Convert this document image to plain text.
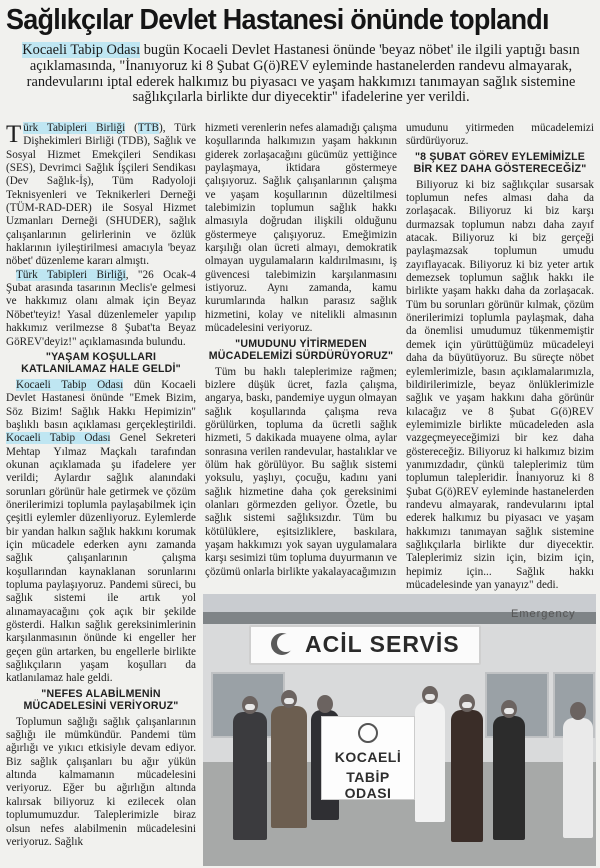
Sağlıkçılar Devlet Hastanesi önünde toplandı
Kocaeli Tabip Odası bugün Kocaeli Devlet Hastanesi önünde 'beyaz nöbet' ile ilgili yaptığı basın açıklamasında, "İnanıyoruz ki 8 Şubat G(ö)REV eyleminde hastanelerden randevu almayarak, randevularını iptal ederek halkımız bu piyasacı ve yaşam hakkımızı tanımayan sağlık sistemine sağlıkçılarla birlikte dur diyecektir" ifadelerine yer verildi.

Türk Tabipleri Birliği (TTB), Türk Dişhekimleri Birliği (TDB), Sağlık ve Sosyal Hizmet Emekçileri Sendikası (SES), Devrimci Sağlık İşçileri Sendikası (Dev Sağlık-İş), Tüm Radyoloji Teknisyenleri ve Teknikerleri Derneği (TÜM-RAD-DER) ile Sosyal Hizmet Uzmanları Derneği (SHUDER), sağlık çalışanlarının gelirlerinin ve özlük haklarının iyileştirilmesi amacıyla 'beyaz nöbet' düzenleme kararı almıştı.

Türk Tabipleri Birliği, "26 Ocak-4 Şubat arasında tasarının Meclis'e gelmesi ve hakkımız olanı almak için Beyaz Nöbet'teyiz! Yasal düzenlemeler yapılıp hakkımız verilmezse 8 Şubat'ta Beyaz GöREV'deyiz!" açıklamasında bulundu.

"YAŞAM KOŞULLARI KATLANILAMAZ HALE GELDİ"

Kocaeli Tabip Odası dün Kocaeli Devlet Hastanesi önünde "Emek Bizim, Söz Bizim! Sağlık Hakkı Hepimizin" başlıklı basın açıklaması gerçekleştirildi. Kocaeli Tabip Odası Genel Sekreteri Mehtap Yılmaz Maçkalı tarafından okunan açıklamada şu ifadelere yer verildi; Aylardır sağlık alanındaki sorunları görünür hale getirmek ve çözüm önerilerimizi toplumla paylaşabilmek için çeşitli eylemler düzenliyoruz. Eylemlerde bir yandan halkın sağlık hakkını korumak için mücadele ederken aynı zamanda sağlık çalışanlarının çalışma koşullarından kaynaklanan sorunlarını topluma paylaşıyoruz. Pandemi süreci, bu sağlık sistemi ile artık yol alınamayacağını çok açık bir şekilde gösterdi. Halkın sağlık gereksinimlerinin karşılanmasının önünde ki engeller her geçen gün artarken, bu engellerle birlikte sağlıkçıların yaşam koşulları da katlanılamaz hale geldi.

"NEFES ALABİLMENİN MÜCADELESİNİ VERİYORUZ"

Toplumun sağlığı sağlık çalışanlarının sağlığı ile mümkündür. Pandemi tüm ağırlığı ve yıkıcı etkisiyle devam ediyor. Biz sağlık çalışanları bu ağır yükün altında kalmamanın mücadelesini veriyoruz. Eğer bu ağırlığın altında kalırsak biliyoruz ki ezilecek olan toplumumuzdur. Taleplerimizle biraz olsun nefes alabilmenin mücadelesini veriyoruz. Sağlık

hizmeti verenlerin nefes alamadığı çalışma koşullarında halkımızın yaşam hakkının giderek zorlaşacağını gücümüz yettiğince paylaşmaya, iktidara göstermeye çalışıyoruz. Sağlık çalışanlarının çalışma ve yaşam koşullarının düzeltilmesi talebimizin toplumun sağlık hakkı almasıyla doğrudan ilişkili olduğunu göstermeye çalışıyoruz. Emeğimizin karşılığı olan ücreti almayı, demokratik olmayan uygulamaların kaldırılmasını, iş güvencesi talebimizin karşılanmasını istiyoruz. Aynı zamanda, kamu kurumlarında halkın parasız sağlık hizmetini, kolay ve nitelikli almasının mücadelesini veriyoruz.

"UMUDUNU YİTİRMEDEN MÜCADELEMİZİ SÜRDÜRÜYORUZ"

Tüm bu haklı taleplerimize rağmen; bizlere düşük ücret, fazla çalışma, angarya, baskı, pandemiye uygun olmayan sağlık koşullarında çalışma reva görülürken, topluma da ücretli sağlık hizmeti, 5 dakikada muayene olma, aylar sonrasına verilen randevular, hastalıklar ve ölüm hak görülüyor. Bu sağlık sistemi yoksulu, yaşlıyı, çocuğu, kadını yani sağlık hizmetine daha çok gereksinimi olanları görmezden geliyor. Özetle, bu sağlık sistemi sağlıksızdır. Tüm bu kötülüklere, eşitsizliklere, baskılara, yaşam hakkımızı yok sayan uygulamalara karşı sesimizi tüm topluma duyurmanın ve çözümü onlarla birlikte yakalayacağımızın

umudunu yitirmeden mücadelemizi sürdürüyoruz.

"8 ŞUBAT GÖREV EYLEMİMİZLE BİR KEZ DAHA GÖSTERECEĞİZ"

Biliyoruz ki biz sağlıkçılar susarsak toplumun nefes alması daha da zorlaşacak. Biliyoruz ki biz karşı durmazsak toplumun nabzı daha zayıf atacak. Biliyoruz ki biz gerçeği paylaşmazsak toplumun umudu zayıflayacak. Biliyoruz ki biz yeter artık demezsek toplumun sağlık hakkı ile birlikte yaşam hakkı daha da zorlaşacak. Tüm bu sorunları görünür kılmak, çözüm önerilerimizi toplumla paylaşmak, daha da önemlisi umudumuz tükenmemiştir demek için yürüttüğümüz mücadeleyi daha da büyütüyoruz. Bu süreçte nöbet eylemlerimizle, basın açıklamalarımızla, bildirilerimizle, beyaz önlüklerimizle sağlık ve yaşam hakkını daha görünür kılacağız ve 8 Şubat G(ö)REV eylemimizle birlikte mücadeleden asla vazgeçmeyeceğimizi bir kez daha göstereceğiz. Biliyoruz ki halkımız bizim yanımızdadır, çünkü taleplerimiz tüm toplumun talepleridir. İnanıyoruz ki 8 Şubat G(ö)REV eyleminde hastanelerden randevu almayarak, randevularını iptal ederek halkımız bu piyasacı ve yaşam hakkımızı tanımayan sağlık sistemine sağlıkçılarla birlikte dur diyecektir. Taleplerimiz sizin için, bizim için, hepimiz için... Sağlık hakkı mücadelesinde yan yanayız" dedi.

Emergency
ACİL SERVİS
KOCAELİ
TABİP ODASI
